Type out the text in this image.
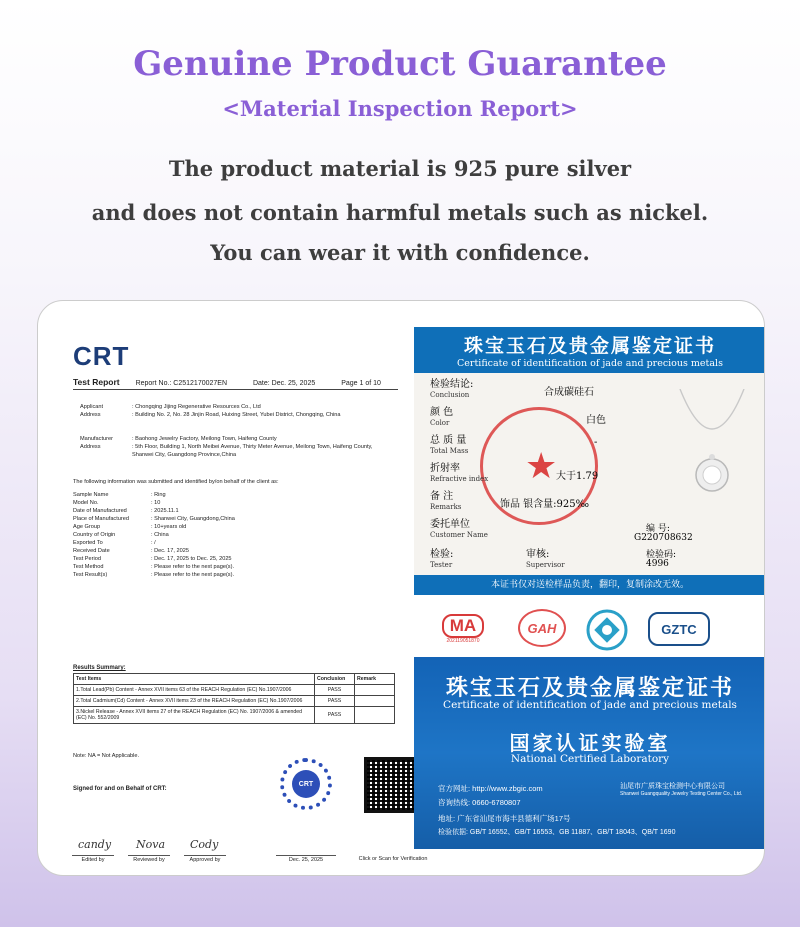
Genuine Product Guarantee
<Material Inspection Report>
The product material is 925 pure silver
and does not contain harmful metals such as nickel.
You can wear it with confidence.
CRT
Test Report Report No.: C2512170027EN	Date: Dec. 25, 2025	Page 1 of 10
Applicant	: Chongqing Jijing Regenerative Resources Co., Ltd
Address	: Building No. 2, No. 28 Jinjin Road, Huixing Street, Yubei District, Chongqing, China
Manufacturer	: Baohong Jewelry Factory, Meilong Town, Haifeng County
Address	: 5th Floor, Building 1, North Meibei Avenue, Thirty Meter Avenue, Meilong Town, Haifeng County, Shanwei City, Guangdong Province,China
The following information was submitted and identified by/on behalf of the client as:
Sample Name	: Ring
Model No.	: 10
Date of Manufactured	: 2025.11.1
Place of Manufactured	: Shanwei City, Guangdong,China
Age Group	: 10+years old
Country of Origin	: China
Exported To	: /
Received Date	: Dec. 17, 2025
Test Period	: Dec. 17, 2025 to Dec. 25, 2025
Test Method	: Please refer to the next page(s).
Test Result(s)	: Please refer to the next page(s).
Results Summary:
Test Items	Conclusion	Remark
1.Total Lead(Pb) Content - Annex XVII items 63 of the REACH Regulation (EC) No.1907/2006	PASS	
2.Total Cadmium(Cd) Content - Annex XVII items 23 of the REACH Regulation (EC) No.1907/2006	PASS	
3.Nickel Release - Annex XVII items 27 of the REACH Regulation (EC) No. 1907/2006 & amended (EC) No. 552/2009	PASS	
Note: NA = Not Applicable.
Signed for and on Behalf of CRT:
CRT
candy Nova Cody
Edited by	Reviewed by	Approved by	Dec. 25, 2025	Click or Scan for Verification
珠宝玉石及贵金属鉴定证书
Certificate of identification of jade and precious metals
★
检验结论:
Conclusion	合成碳硅石
颜 色
Color	白色
总 质 量
Total Mass
-
折射率
Refractive index	大于1.79
备 注
Remarks	饰品 银含量:925‰
委托单位
Customer Name
编 号:
G220708632
检验码:
4996
检验:
Tester
审核:
Supervisor
本证书仅对送检样品负责，翻印，复制涂改无效。
MA
202119051870
GAH	GZTC
珠宝玉石及贵金属鉴定证书
Certificate of identification of jade and precious metals
国家认证实验室
National Certified Laboratory
官方网址: http://www.zbgic.com
咨询热线: 0660-6780807
地址: 广东省汕尾市海丰县德利广场17号
检验依据: GB/T 16552、GB/T 16553、GB 11887、GB/T 18043、QB/T 1690
汕尾市广质珠宝检测中心有限公司
Shanwei Guangquality Jewelry Testing Center Co., Ltd.
